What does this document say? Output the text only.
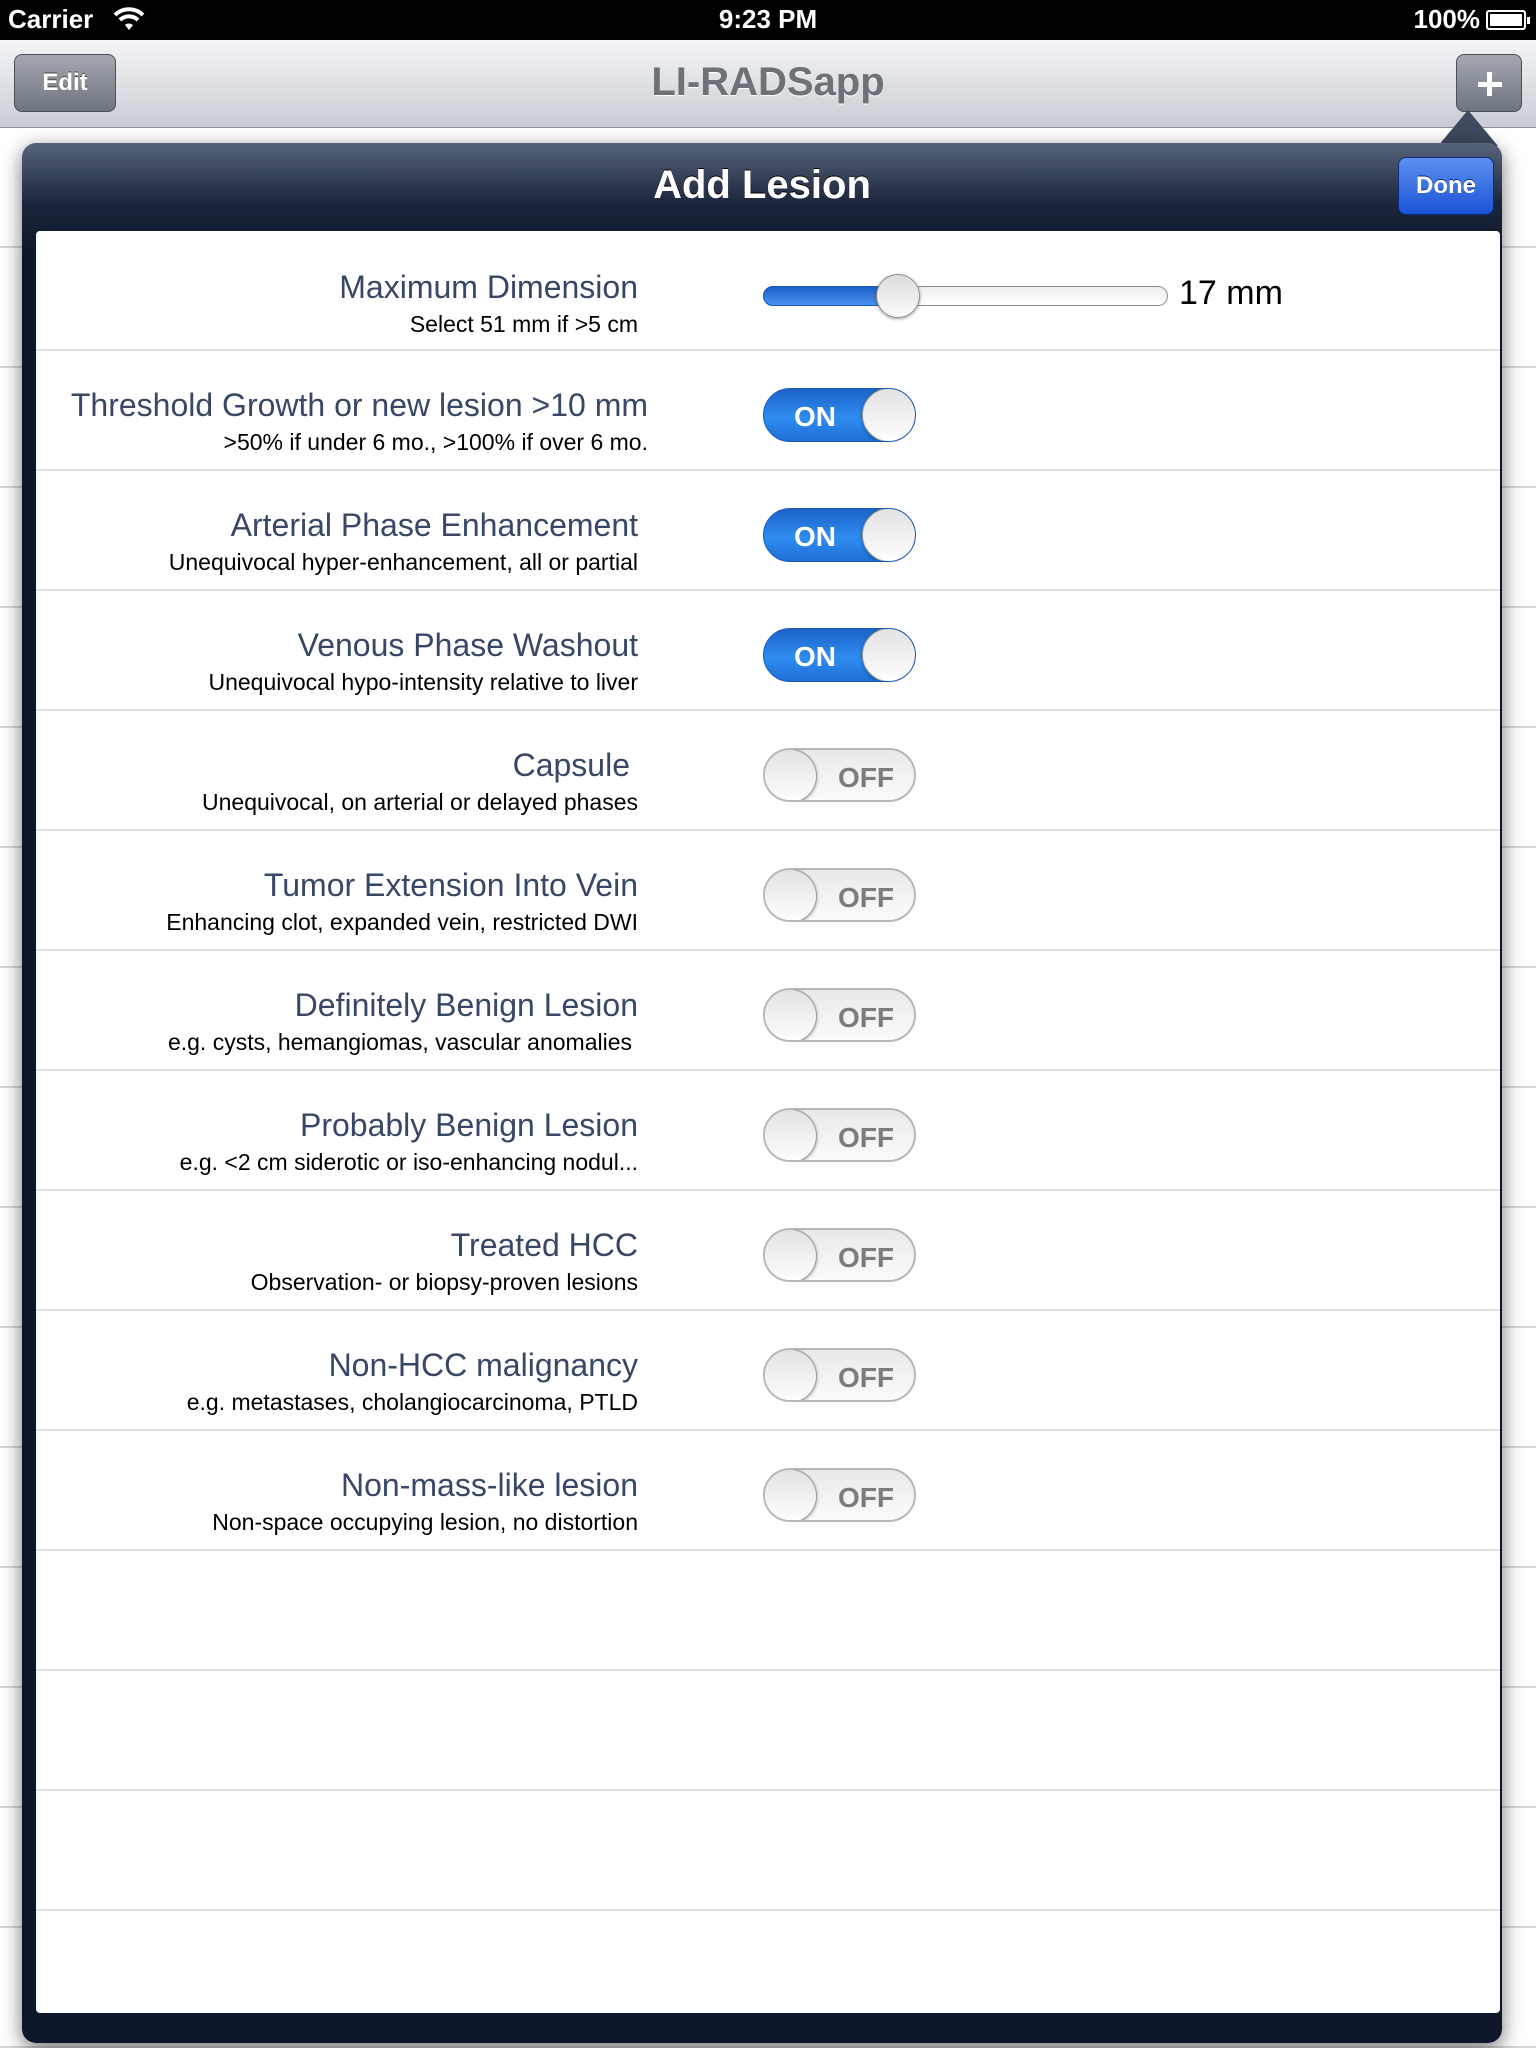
Carrier	9:23 PM	100%
LI-RADSapp
Edit
Add Lesion	Done
Maximum Dimension
Select 51 mm if >5 cm
17 mm
Threshold Growth or new lesion >10 mm
>50% if under 6 mo., >100% if over 6 mo.
ON
Arterial Phase Enhancement
Unequivocal hyper-enhancement, all or partial
ON
Venous Phase Washout
Unequivocal hypo-intensity relative to liver
ON
Capsule
Unequivocal, on arterial or delayed phases
OFF
Tumor Extension Into Vein
Enhancing clot, expanded vein, restricted DWI
OFF
Definitely Benign Lesion
e.g. cysts, hemangiomas, vascular anomalies
OFF
Probably Benign Lesion
e.g. <2 cm siderotic or iso-enhancing nodul...
OFF
Treated HCC
Observation- or biopsy-proven lesions
OFF
Non-HCC malignancy
e.g. metastases, cholangiocarcinoma, PTLD
OFF
Non-mass-like lesion
Non-space occupying lesion, no distortion
OFF
